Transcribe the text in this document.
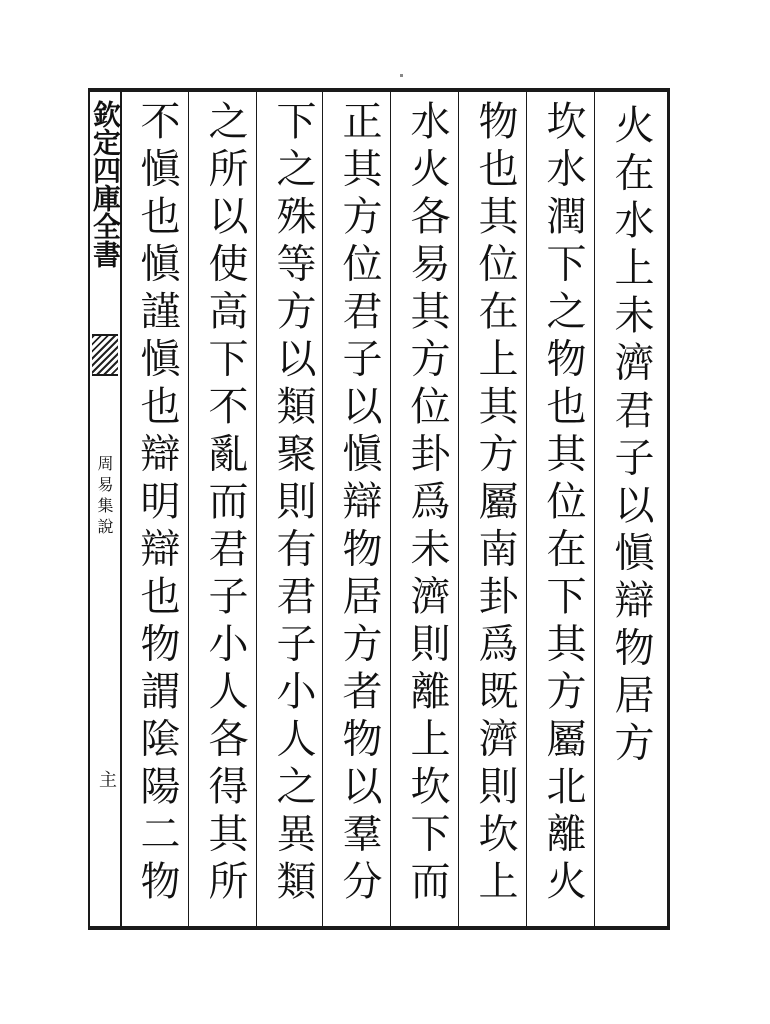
欽定四庫全書
周易集說
主
火在水上未濟君子以愼辯物居方
坎水潤下之物也其位在下其方屬北離火
物也其位在上其方屬南卦爲既濟則坎上
水火各易其方位卦爲未濟則離上坎下而
正其方位君子以愼辯物居方者物以羣分
下之殊等方以類聚則有君子小人之異類
之所以使高下不亂而君子小人各得其所
不愼也愼謹愼也辯明辯也物謂隂陽二物
